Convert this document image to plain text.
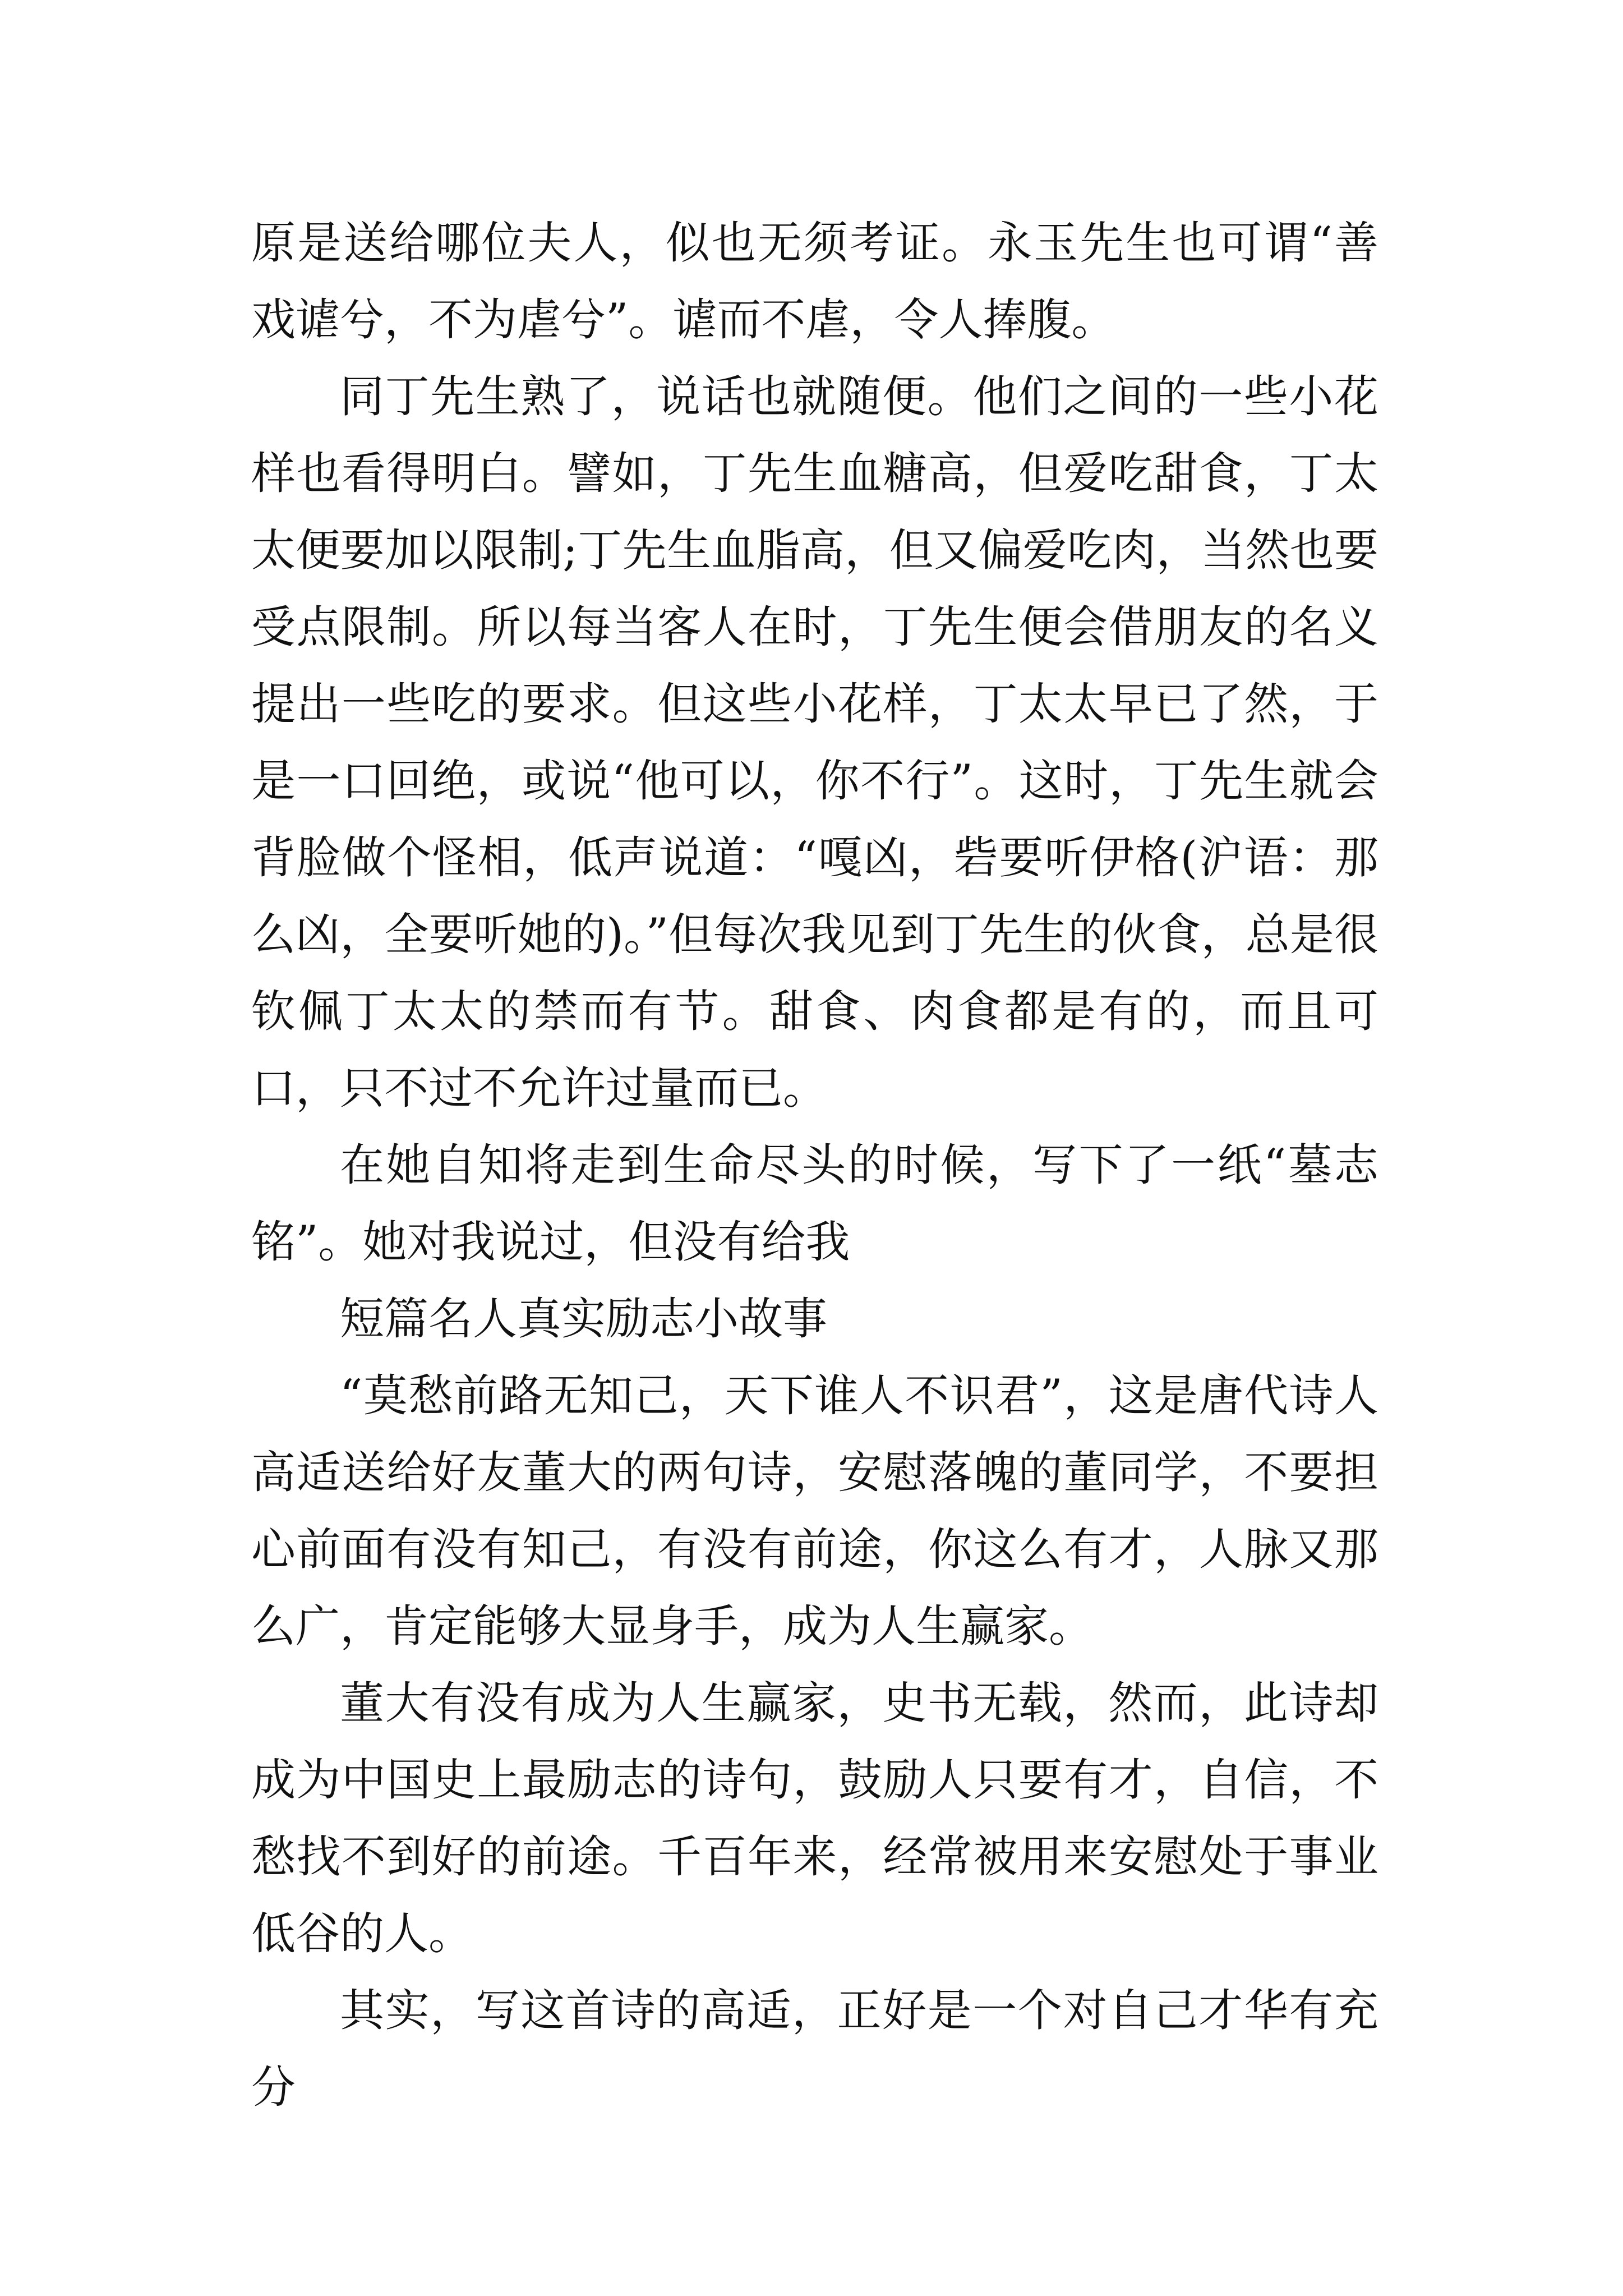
原是送给哪位夫人，似也无须考证。永玉先生也可谓“善戏谑兮，不为虐兮”。谑而不虐，令人捧腹。

同丁先生熟了，说话也就随便。他们之间的一些小花样也看得明白。譬如，丁先生血糖高，但爱吃甜食，丁太太便要加以限制;丁先生血脂高，但又偏爱吃肉，当然也要受点限制。所以每当客人在时，丁先生便会借朋友的名义提出一些吃的要求。但这些小花样，丁太太早已了然，于是一口回绝，或说“他可以，你不行”。这时，丁先生就会背脸做个怪相，低声说道：“嘎凶，砦要听伊格(沪语：那么凶，全要听她的)。”但每次我见到丁先生的伙食，总是很钦佩丁太太的禁而有节。甜食、肉食都是有的，而且可口，只不过不允许过量而已。

在她自知将走到生命尽头的时候，写下了一纸“墓志铭”。她对我说过，但没有给我

短篇名人真实励志小故事

“莫愁前路无知己，天下谁人不识君”，这是唐代诗人高适送给好友董大的两句诗，安慰落魄的董同学，不要担心前面有没有知己，有没有前途，你这么有才，人脉又那么广，肯定能够大显身手，成为人生赢家。

董大有没有成为人生赢家，史书无载，然而，此诗却成为中国史上最励志的诗句，鼓励人只要有才，自信，不愁找不到好的前途。千百年来，经常被用来安慰处于事业低谷的人。

其实，写这首诗的高适，正好是一个对自己才华有充分
